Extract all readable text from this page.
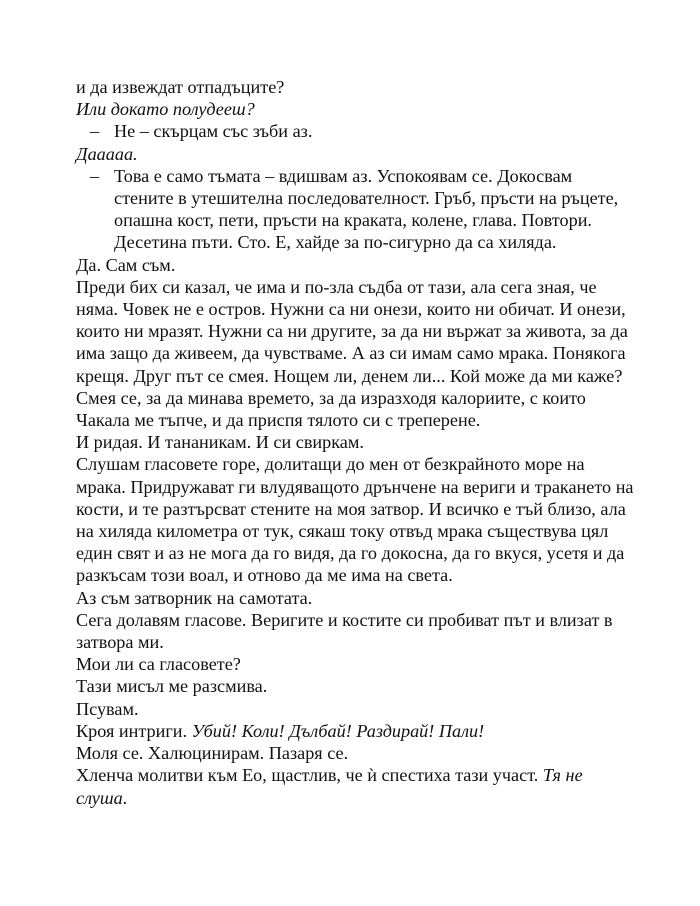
и да извеждат отпадъците?

Или докато полудееш?

– Не – скърцам със зъби аз.

Даааaa.

– Това е само тъмата – вдишвам аз. Успокоявам се. Докосвам стените в утешителна последователност. Гръб, пръсти на ръцете, опашна кост, пети, пръсти на краката, колене, глава. Повтори. Десетина пъти. Сто. Е, хайде за по-сигурно да са хиляда.

Да. Сам съм.

Преди бих си казал, че има и по-зла съдба от тази, ала сега зная, че няма. Човек не е остров. Нужни са ни онези, които ни обичат. И онези, които ни мразят. Нужни са ни другите, за да ни вържат за живота, за да има защо да живеем, да чувстваме. А аз си имам само мрака. Понякога крещя. Друг път се смея. Нощем ли, денем ли... Кой може да ми каже? Смея се, за да минава времето, за да изразходя калориите, с които Чакала ме тъпче, и да приспя тялото си с треперене.

И ридая. И тананикам. И си свиркам.

Слушам гласовете горе, долитащи до мен от безкрайното море на мрака. Придружават ги влудяващото дрънчене на вериги и тракането на кости, и те разтърсват стените на моя затвор. И всичко е тъй близо, ала на хиляда километра от тук, сякаш току отвъд мрака съществува цял един свят и аз не мога да го видя, да го докосна, да го вкуся, усетя и да разкъсам този воал, и отново да ме има на света.

Аз съм затворник на самотата.

Сега долавям гласове. Веригите и костите си пробиват път и влизат в затвора ми.

Мои ли са гласовете?

Тази мисъл ме разсмива.

Псувам.

Кроя интриги. Убий! Коли! Дълбай! Раздирай! Пали!

Моля се. Халюцинирам. Пазаря се.

Хленча молитви към Ео, щастлив, че ѝ спестиха тази участ. Тя не слуша.
